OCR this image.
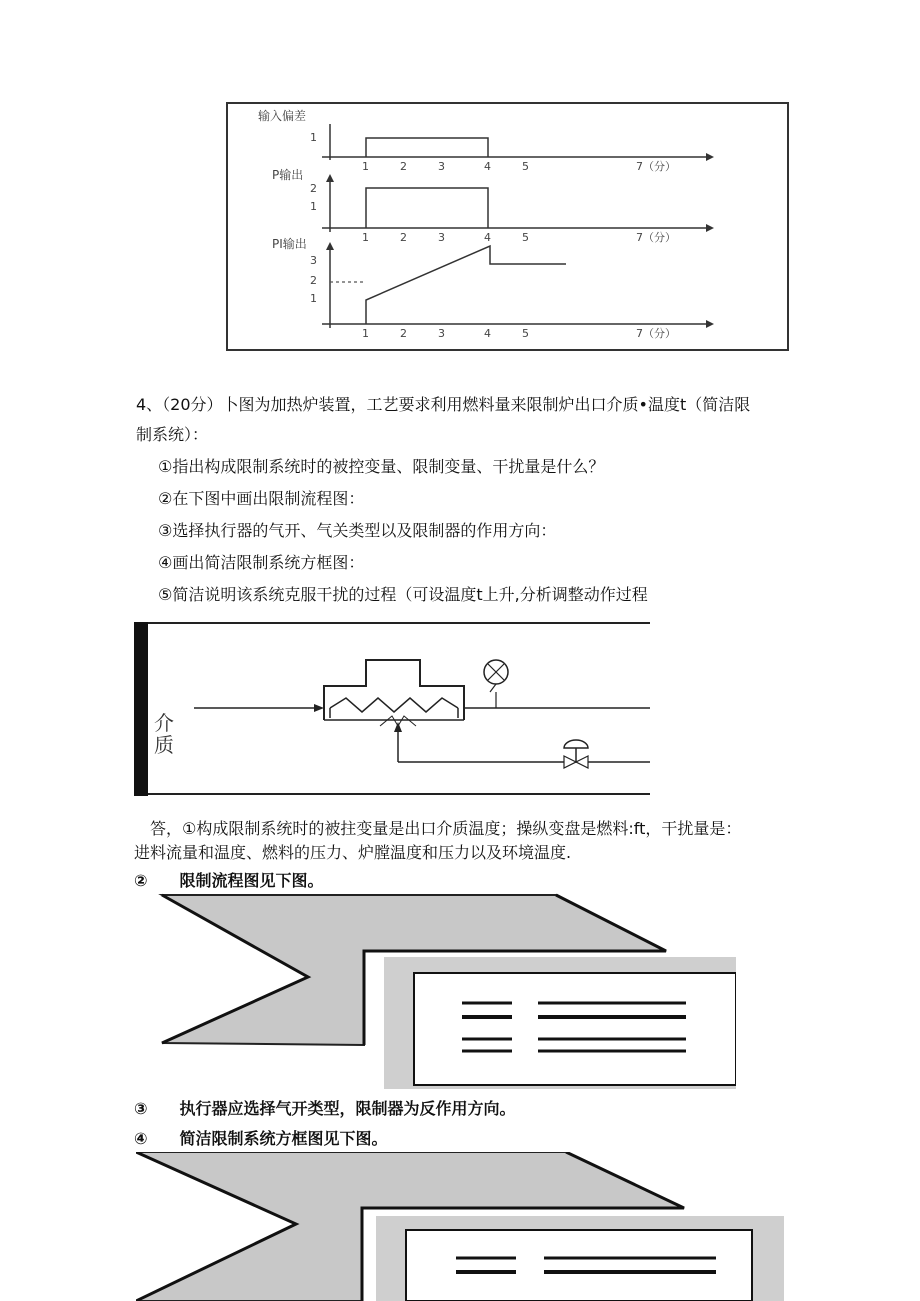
输入偏差
1
1	2	3	4	5	7（分）
P输出
2
1
1	2	3	4	5	7（分）
PI输出
3
2
1
1	2	3	4	5	7（分）
4、（20分）卜图为加热炉装置，工艺要求利用燃料量来限制炉出口介质•温度t（简洁限
制系统）：
①指出构成限制系统时的被控变量、限制变量、干扰量是什么？
②在下图中画出限制流程图：
③选择执行器的气开、气关类型以及限制器的作用方向：
④画出简洁限制系统方框图：
⑤简洁说明该系统克服干扰的过程（可设温度t上升,分析调整动作过程
介
质
答，①构成限制系统时的被拄变量是出口介质温度；操纵变盘是燃料:ft，干扰量是：
进料流量和温度、燃料的压力、炉膛温度和压力以及环境温度.
②　　限制流程图见下图。
③　　执行器应选择气开类型，限制器为反作用方向。
④　　简洁限制系统方框图见下图。
